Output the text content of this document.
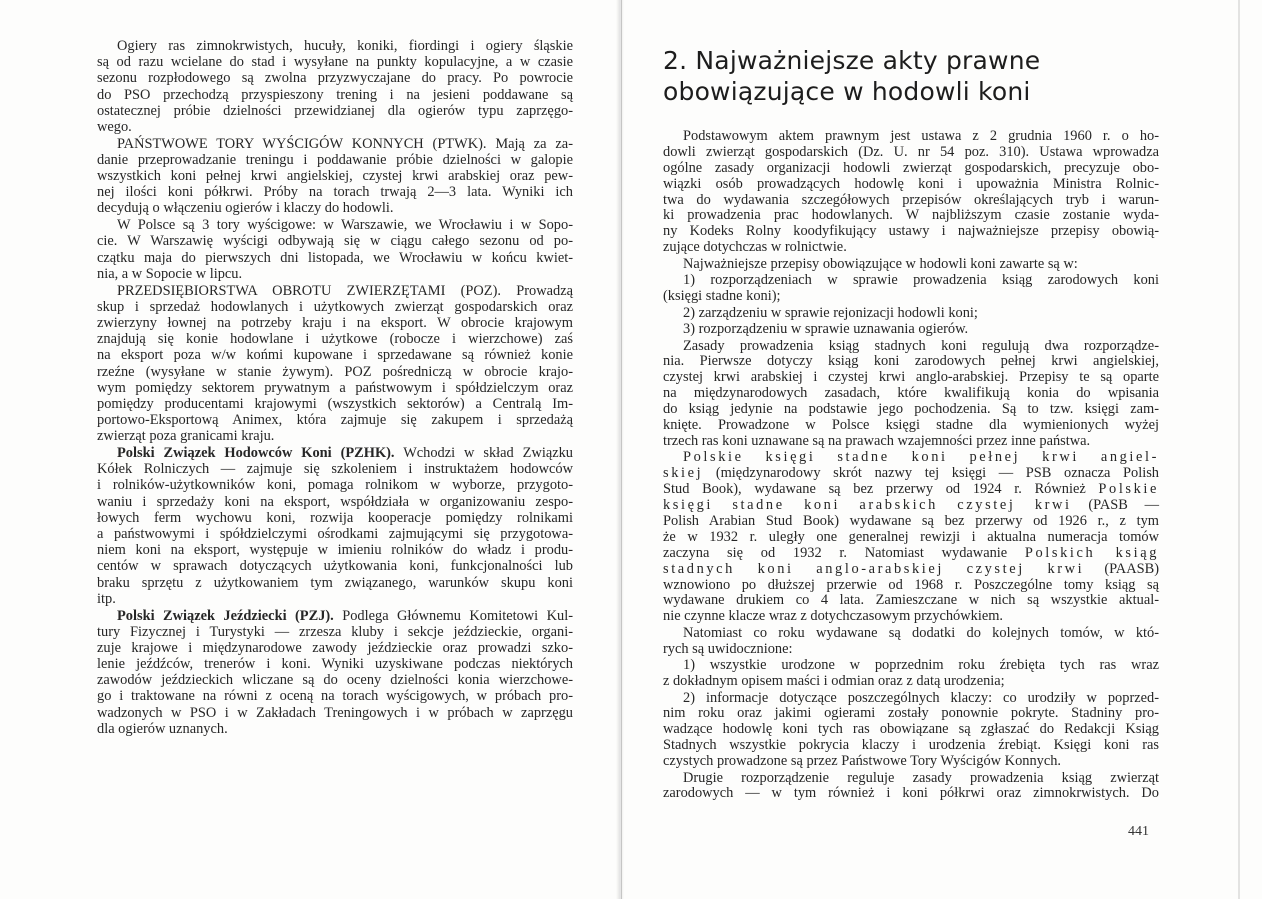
Ogiery ras zimnokrwistych, hucuły, koniki, fiordingi i ogiery śląskie
są od razu wcielane do stad i wysyłane na punkty kopulacyjne, a w czasie
sezonu rozpłodowego są zwolna przyzwyczajane do pracy. Po powrocie
do PSO przechodzą przyspieszony trening i na jesieni poddawane są
ostatecznej próbie dzielności przewidzianej dla ogierów typu zaprzęgo-
wego.
PAŃSTWOWE TORY WYŚCIGÓW KONNYCH (PTWK). Mają za za-
danie przeprowadzanie treningu i poddawanie próbie dzielności w galopie
wszystkich koni pełnej krwi angielskiej, czystej krwi arabskiej oraz pew-
nej ilości koni półkrwi. Próby na torach trwają 2—3 lata. Wyniki ich
decydują o włączeniu ogierów i klaczy do hodowli.
W Polsce są 3 tory wyścigowe: w Warszawie, we Wrocławiu i w Sopo-
cie. W Warszawię wyścigi odbywają się w ciągu całego sezonu od po-
czątku maja do pierwszych dni listopada, we Wrocławiu w końcu kwiet-
nia, a w Sopocie w lipcu.
PRZEDSIĘBIORSTWA OBROTU ZWIERZĘTAMI (POZ). Prowadzą
skup i sprzedaż hodowlanych i użytkowych zwierząt gospodarskich oraz
zwierzyny łownej na potrzeby kraju i na eksport. W obrocie krajowym
znajdują się konie hodowlane i użytkowe (robocze i wierzchowe) zaś
na eksport poza w/w końmi kupowane i sprzedawane są również konie
rzeźne (wysyłane w stanie żywym). POZ pośredniczą w obrocie krajo-
wym pomiędzy sektorem prywatnym a państwowym i spółdzielczym oraz
pomiędzy producentami krajowymi (wszystkich sektorów) a Centralą Im-
portowo-Eksportową Animex, która zajmuje się zakupem i sprzedażą
zwierząt poza granicami kraju.
Polski Związek Hodowców Koni (PZHK). Wchodzi w skład Związku
Kółek Rolniczych — zajmuje się szkoleniem i instruktażem hodowców
i rolników-użytkowników koni, pomaga rolnikom w wyborze, przygoto-
waniu i sprzedaży koni na eksport, współdziała w organizowaniu zespo-
łowych ferm wychowu koni, rozwija kooperacje pomiędzy rolnikami
a państwowymi i spółdzielczymi ośrodkami zajmującymi się przygotowa-
niem koni na eksport, występuje w imieniu rolników do władz i produ-
centów w sprawach dotyczących użytkowania koni, funkcjonalności lub
braku sprzętu z użytkowaniem tym związanego, warunków skupu koni
itp.
Polski Związek Jeździecki (PZJ). Podlega Głównemu Komitetowi Kul-
tury Fizycznej i Turystyki — zrzesza kluby i sekcje jeździeckie, organi-
zuje krajowe i międzynarodowe zawody jeździeckie oraz prowadzi szko-
lenie jeźdźców, trenerów i koni. Wyniki uzyskiwane podczas niektórych
zawodów jeździeckich wliczane są do oceny dzielności konia wierzchowe-
go i traktowane na równi z oceną na torach wyścigowych, w próbach pro-
wadzonych w PSO i w Zakładach Treningowych i w próbach w zaprzęgu
dla ogierów uznanych.
2. Najważniejsze akty prawne
obowiązujące w hodowli koni
Podstawowym aktem prawnym jest ustawa z 2 grudnia 1960 r. o ho-
dowli zwierząt gospodarskich (Dz. U. nr 54 poz. 310). Ustawa wprowadza
ogólne zasady organizacji hodowli zwierząt gospodarskich, precyzuje obo-
wiązki osób prowadzących hodowlę koni i upoważnia Ministra Rolnic-
twa do wydawania szczegółowych przepisów określających tryb i warun-
ki prowadzenia prac hodowlanych. W najbliższym czasie zostanie wyda-
ny Kodeks Rolny koodyfikujący ustawy i najważniejsze przepisy obowią-
zujące dotychczas w rolnictwie.
Najważniejsze przepisy obowiązujące w hodowli koni zawarte są w:
1) rozporządzeniach w sprawie prowadzenia ksiąg zarodowych koni
(księgi stadne koni);
2) zarządzeniu w sprawie rejonizacji hodowli koni;
3) rozporządzeniu w sprawie uznawania ogierów.
Zasady prowadzenia ksiąg stadnych koni regulują dwa rozporządze-
nia. Pierwsze dotyczy ksiąg koni zarodowych pełnej krwi angielskiej,
czystej krwi arabskiej i czystej krwi anglo-arabskiej. Przepisy te są oparte
na międzynarodowych zasadach, które kwalifikują konia do wpisania
do ksiąg jedynie na podstawie jego pochodzenia. Są to tzw. księgi zam-
knięte. Prowadzone w Polsce księgi stadne dla wymienionych wyżej
trzech ras koni uznawane są na prawach wzajemności przez inne państwa.
Polskie księgi stadne koni pełnej krwi angiel-
skiej (międzynarodowy skrót nazwy tej księgi — PSB oznacza Polish
Stud Book), wydawane są bez przerwy od 1924 r. Również Polskie
księgi stadne koni arabskich czystej krwi (PASB —
Polish Arabian Stud Book) wydawane są bez przerwy od 1926 r., z tym
że w 1932 r. uległy one generalnej rewizji i aktualna numeracja tomów
zaczyna się od 1932 r. Natomiast wydawanie Polskich ksiąg
stadnych koni anglo-arabskiej czystej krwi (PAASB)
wznowiono po dłuższej przerwie od 1968 r. Poszczególne tomy ksiąg są
wydawane drukiem co 4 lata. Zamieszczane w nich są wszystkie aktual-
nie czynne klacze wraz z dotychczasowym przychówkiem.
Natomiast co roku wydawane są dodatki do kolejnych tomów, w któ-
rych są uwidocznione:
1) wszystkie urodzone w poprzednim roku źrebięta tych ras wraz
z dokładnym opisem maści i odmian oraz z datą urodzenia;
2) informacje dotyczące poszczególnych klaczy: co urodziły w poprzed-
nim roku oraz jakimi ogierami zostały ponownie pokryte. Stadniny pro-
wadzące hodowlę koni tych ras obowiązane są zgłaszać do Redakcji Ksiąg
Stadnych wszystkie pokrycia klaczy i urodzenia źrebiąt. Księgi koni ras
czystych prowadzone są przez Państwowe Tory Wyścigów Konnych.
Drugie rozporządzenie reguluje zasady prowadzenia ksiąg zwierząt
zarodowych — w tym również i koni półkrwi oraz zimnokrwistych. Do
441
